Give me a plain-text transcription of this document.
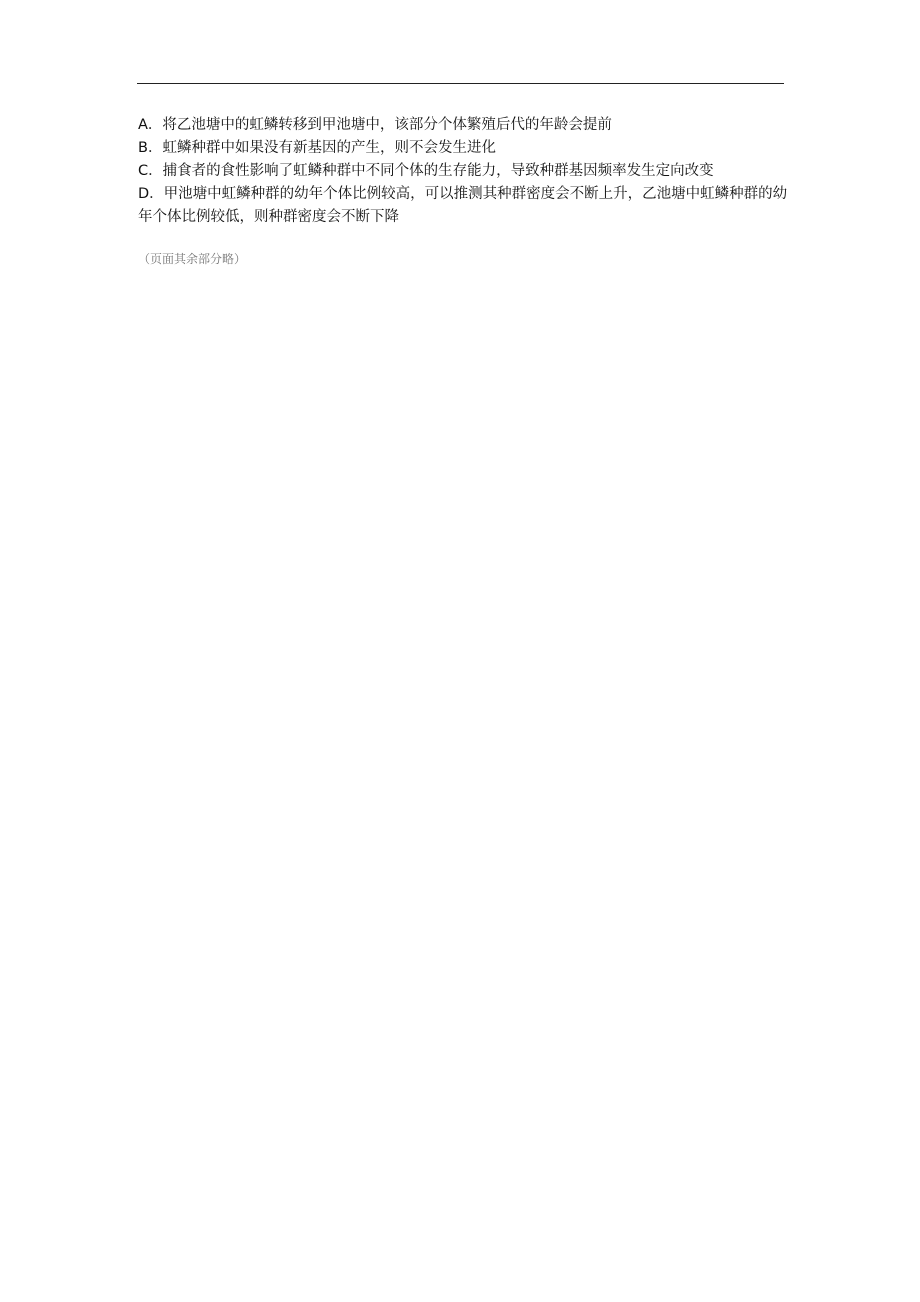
A．将乙池塘中的虹鳞转移到甲池塘中，该部分个体繁殖后代的年龄会提前

B．虹鳞种群中如果没有新基因的产生，则不会发生进化

C．捕食者的食性影响了虹鳞种群中不同个体的生存能力，导致种群基因频率发生定向改变

D．甲池塘中虹鳞种群的幼年个体比例较高，可以推测其种群密度会不断上升，乙池塘中虹鳞种群的幼年个体比例较低，则种群密度会不断下降

（页面其余部分略）
